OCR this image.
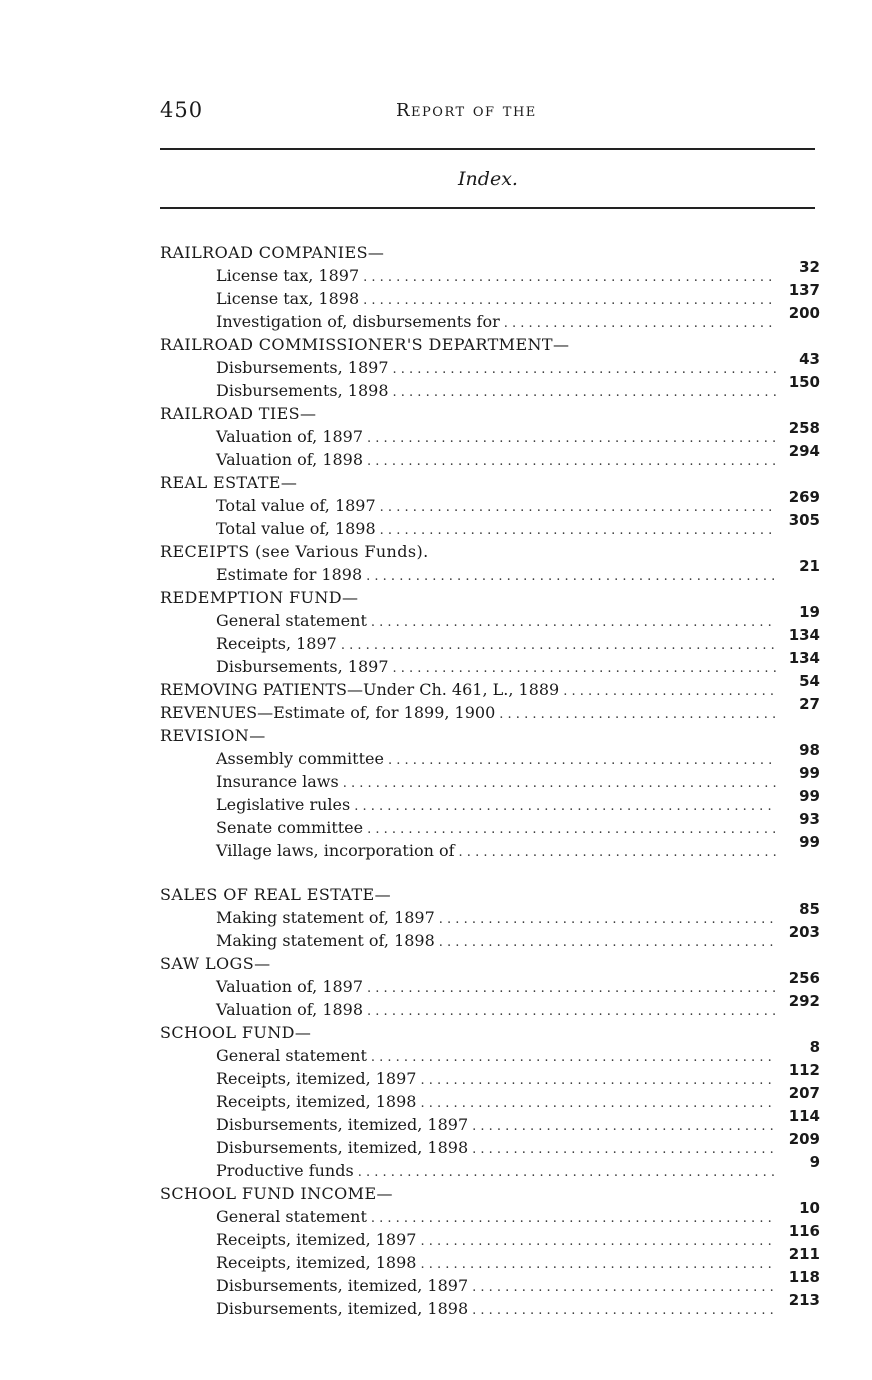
450	Report of the
Index.
RAILROAD COMPANIES—
License tax, 1897 . . .	32
License tax, 1898 . . .	137
Investigation of, disbursements for . . .	200
RAILROAD COMMISSIONER'S DEPARTMENT—
Disbursements, 1897 . . .	43
Disbursements, 1898 . . .	150
RAILROAD TIES—
Valuation of, 1897 . . .	258
Valuation of, 1898 . . .	294
REAL ESTATE—
Total value of, 1897 . . .	269
Total value of, 1898 . . .	305
RECEIPTS (see Various Funds).
Estimate for 1898 . . .	21
REDEMPTION FUND—
General statement . . .	19
Receipts, 1897 . . .	134
Disbursements, 1897 . . .	134
REMOVING PATIENTS—Under Ch. 461, L., 1889 . . .	54
REVENUES—Estimate of, for 1899, 1900 . . .	27
REVISION—
Assembly committee . . .	98
Insurance laws . . .	99
Legislative rules . . .	99
Senate committee . . .	93
Village laws, incorporation of . . .	99
SALES OF REAL ESTATE—
Making statement of, 1897 . . .	85
Making statement of, 1898 . . .	203
SAW LOGS—
Valuation of, 1897 . . .	256
Valuation of, 1898 . . .	292
SCHOOL FUND—
General statement . . .	8
Receipts, itemized, 1897 . . .	112
Receipts, itemized, 1898 . . .	207
Disbursements, itemized, 1897 . . .	114
Disbursements, itemized, 1898 . . .	209
Productive funds . . .	9
SCHOOL FUND INCOME—
General statement . . .	10
Receipts, itemized, 1897 . . .	116
Receipts, itemized, 1898 . . .	211
Disbursements, itemized, 1897 . . .	118
Disbursements, itemized, 1898 . . .	213
